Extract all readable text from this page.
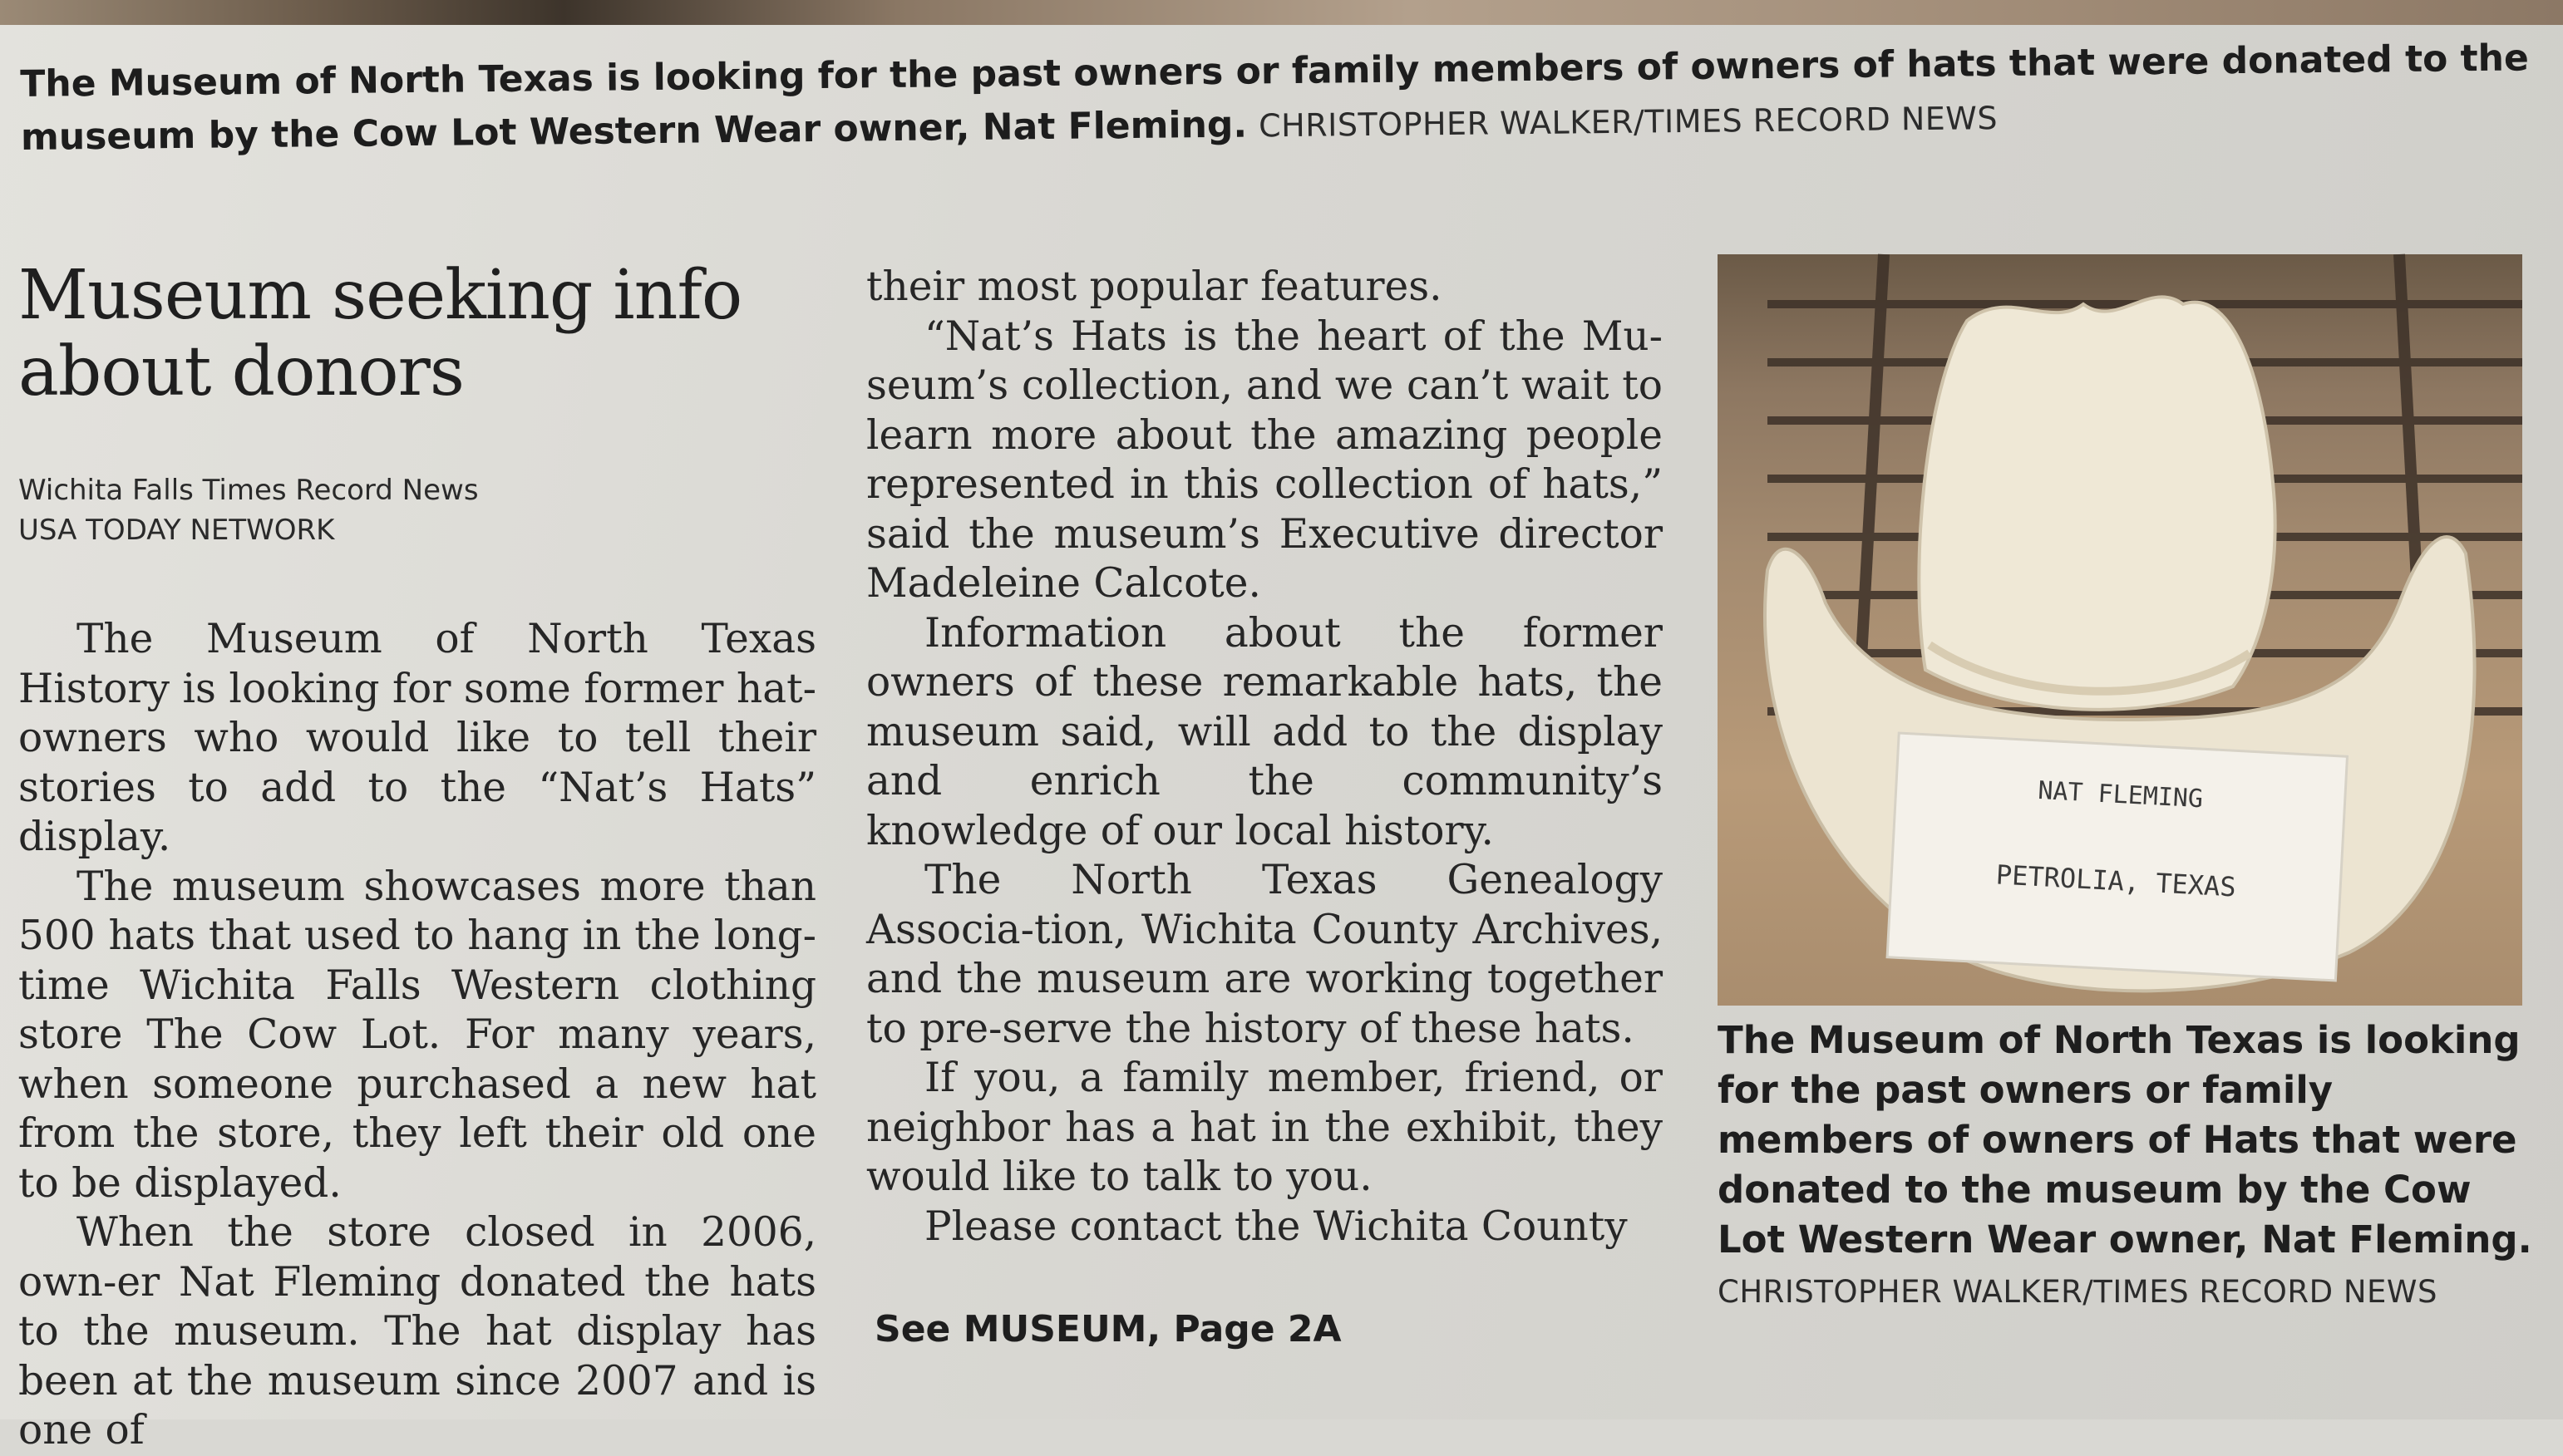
The Museum of North Texas is looking for the past owners or family members of owners of hats that were donated to the museum by the Cow Lot Western Wear owner, Nat Fleming. CHRISTOPHER WALKER/TIMES RECORD NEWS
Museum seeking info about donors
Wichita Falls Times Record News
USA TODAY NETWORK

The Museum of North Texas History is looking for some former hat-owners who would like to tell their stories to add to the “Nat’s Hats” display.

The museum showcases more than 500 hats that used to hang in the long-time Wichita Falls Western clothing store The Cow Lot. For many years, when someone purchased a new hat from the store, they left their old one to be displayed.

When the store closed in 2006, own-er Nat Fleming donated the hats to the museum. The hat display has been at the museum since 2007 and is one of

their most popular features.

“Nat’s Hats is the heart of the Mu-seum’s collection, and we can’t wait to learn more about the amazing people represented in this collection of hats,” said the museum’s Executive director Madeleine Calcote.

Information about the former owners of these remarkable hats, the museum said, will add to the display and enrich the community’s knowledge of our local history.

The North Texas Genealogy Associa-tion, Wichita County Archives, and the museum are working together to pre-serve the history of these hats.

If you, a family member, friend, or neighbor has a hat in the exhibit, they would like to talk to you.

Please contact the Wichita County

See MUSEUM, Page 2A
NAT FLEMING
PETROLIA, TEXAS
The Museum of North Texas is looking for the past owners or family members of owners of Hats that were donated to the museum by the Cow Lot Western Wear owner, Nat Fleming. CHRISTOPHER WALKER/TIMES RECORD NEWS
